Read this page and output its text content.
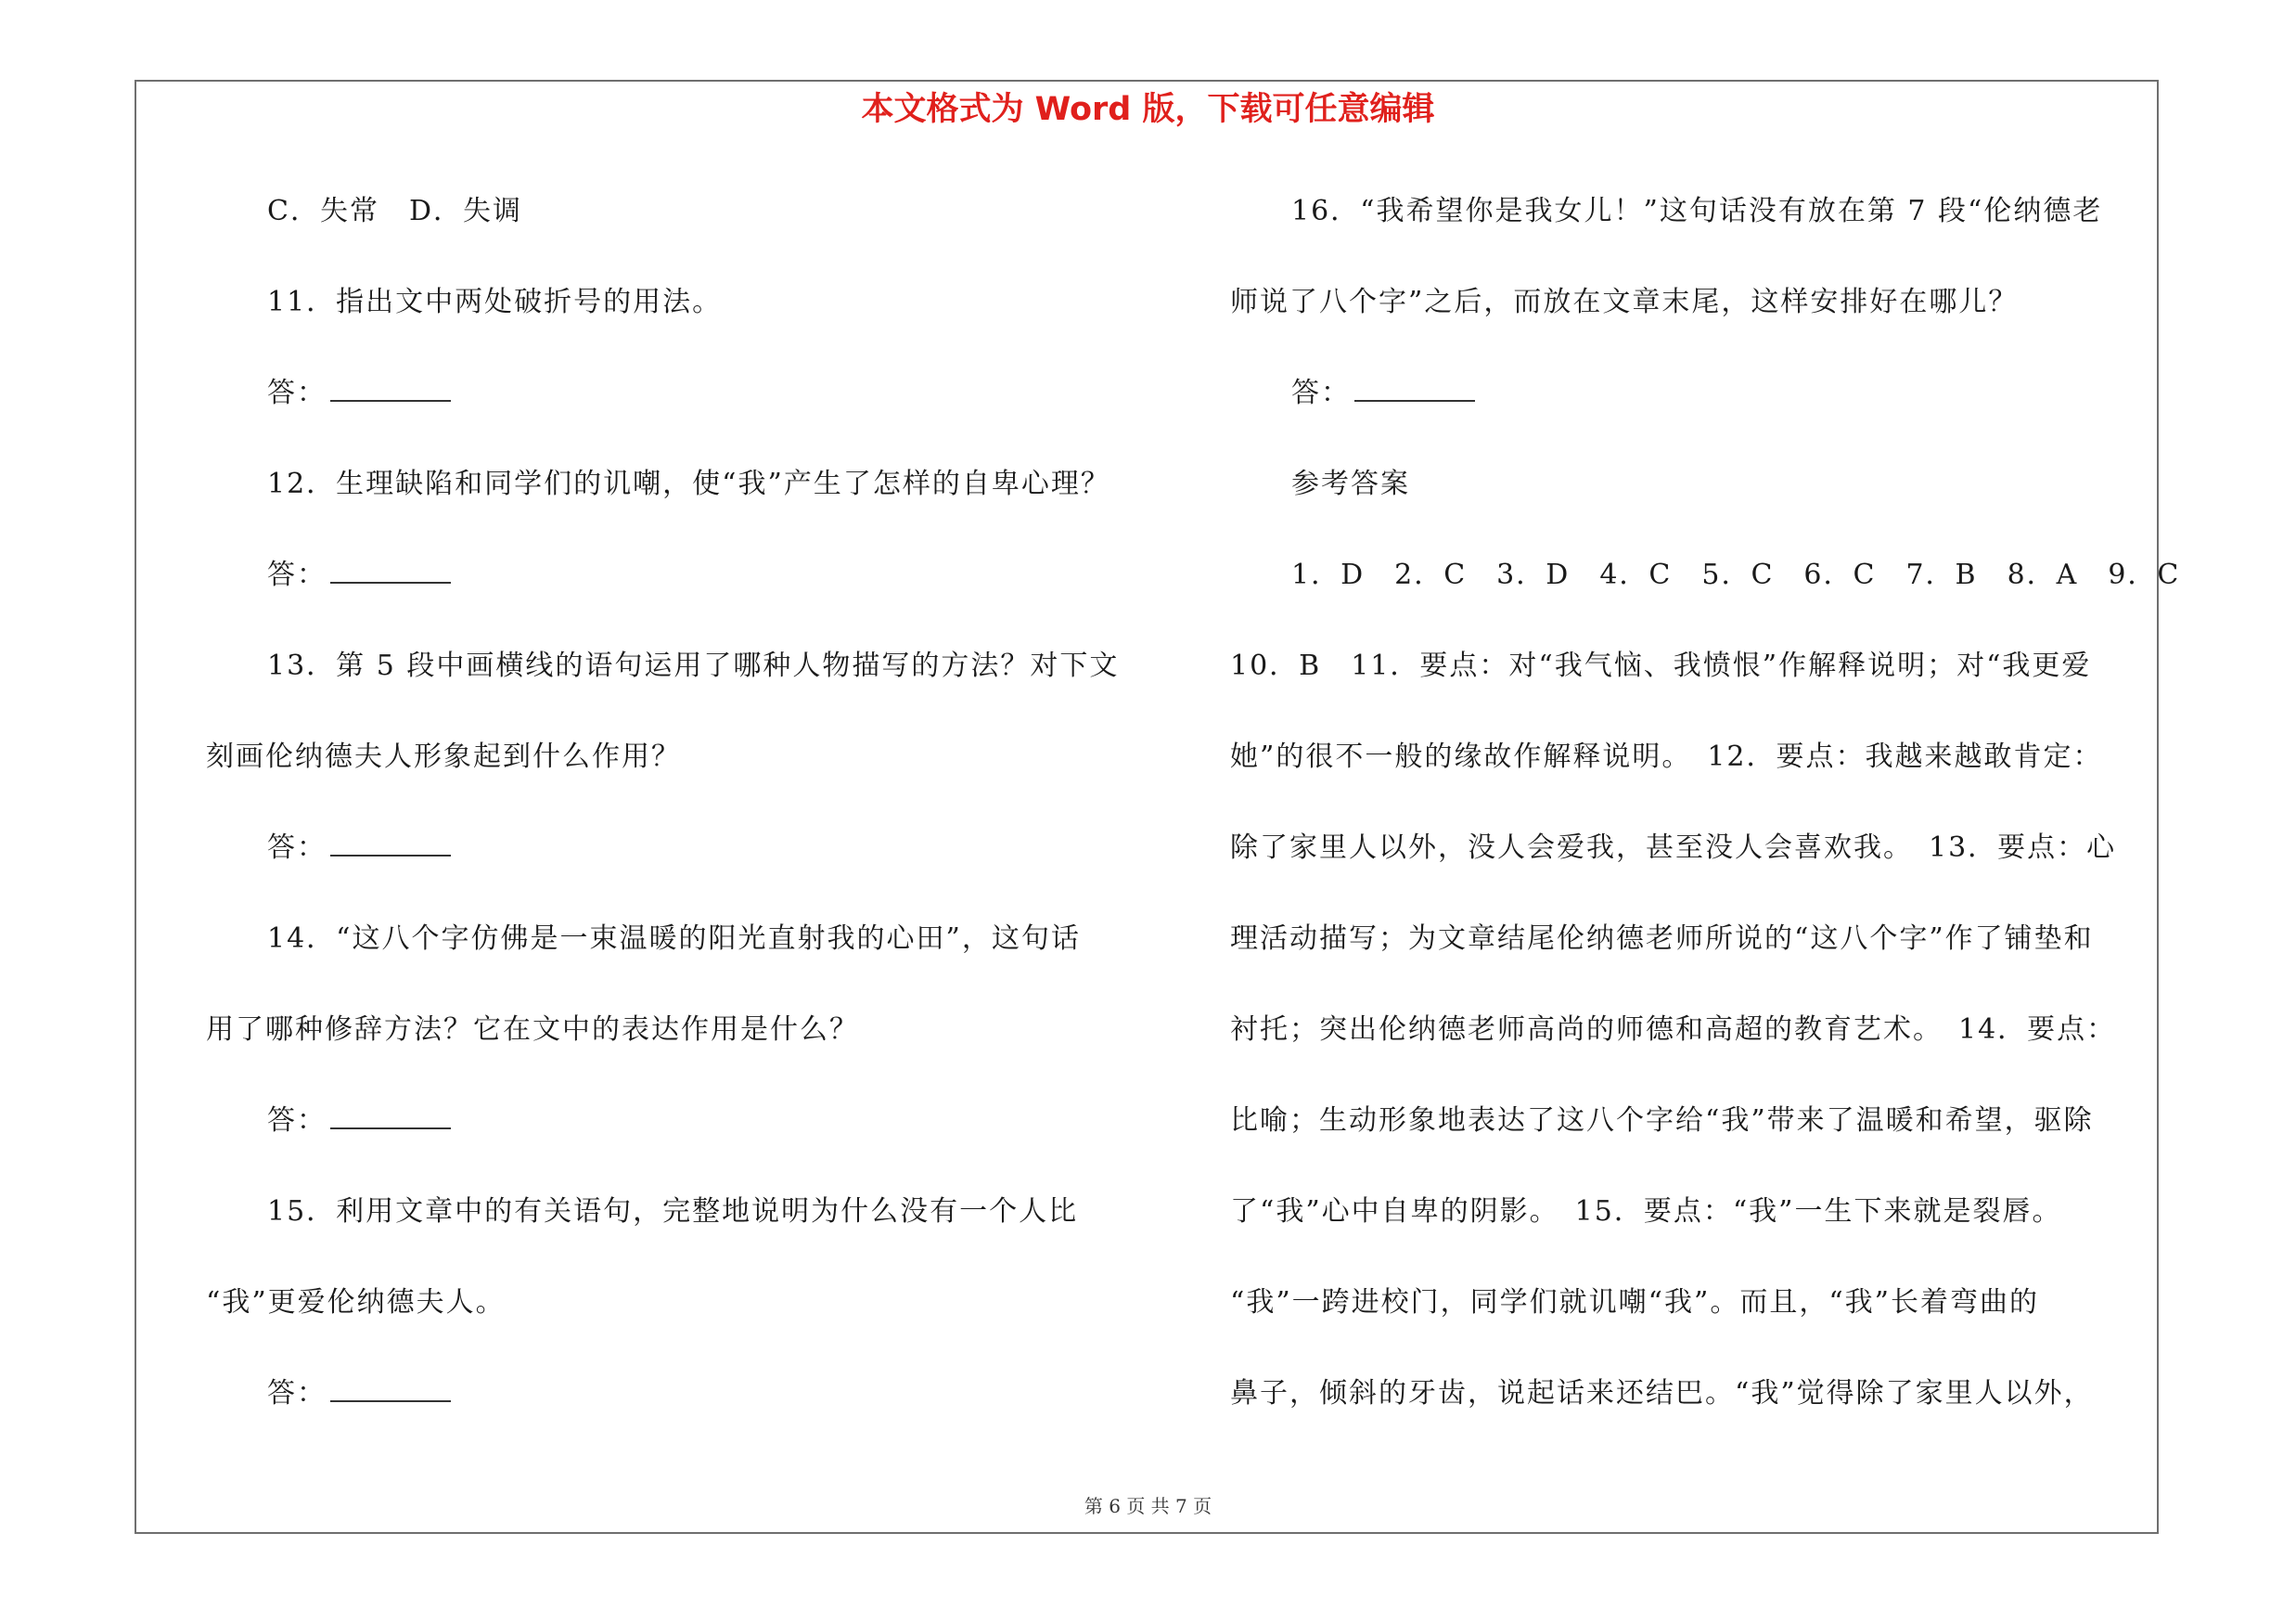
本文格式为 Word 版，下载可任意编辑
C．失常　D．失调
11．指出文中两处破折号的用法。
答：
12．生理缺陷和同学们的讥嘲，使“我”产生了怎样的自卑心理？
答：
13．第 5 段中画横线的语句运用了哪种人物描写的方法？对下文
刻画伦纳德夫人形象起到什么作用？
答：
14．“这八个字仿佛是一束温暖的阳光直射我的心田”，这句话
用了哪种修辞方法？它在文中的表达作用是什么？
答：
15．利用文章中的有关语句，完整地说明为什么没有一个人比
“我”更爱伦纳德夫人。
答：
16．“我希望你是我女儿！”这句话没有放在第 7 段“伦纳德老
师说了八个字”之后，而放在文章末尾，这样安排好在哪儿？
答：
参考答案
1．D　2．C　3．D　4．C　5．C　6．C　7．B　8．A　9．C
10．B　11．要点：对“我气恼、我愤恨”作解释说明；对“我更爱
她”的很不一般的缘故作解释说明。　12．要点：我越来越敢肯定：
除了家里人以外，没人会爱我，甚至没人会喜欢我。　13．要点：心
理活动描写；为文章结尾伦纳德老师所说的“这八个字”作了铺垫和
衬托；突出伦纳德老师高尚的师德和高超的教育艺术。　14．要点：
比喻；生动形象地表达了这八个字给“我”带来了温暖和希望，驱除
了“我”心中自卑的阴影。　15．要点：“我”一生下来就是裂唇。
“我”一跨进校门，同学们就讥嘲“我”。而且，“我”长着弯曲的
鼻子，倾斜的牙齿，说起话来还结巴。“我”觉得除了家里人以外，
第 6 页 共 7 页
